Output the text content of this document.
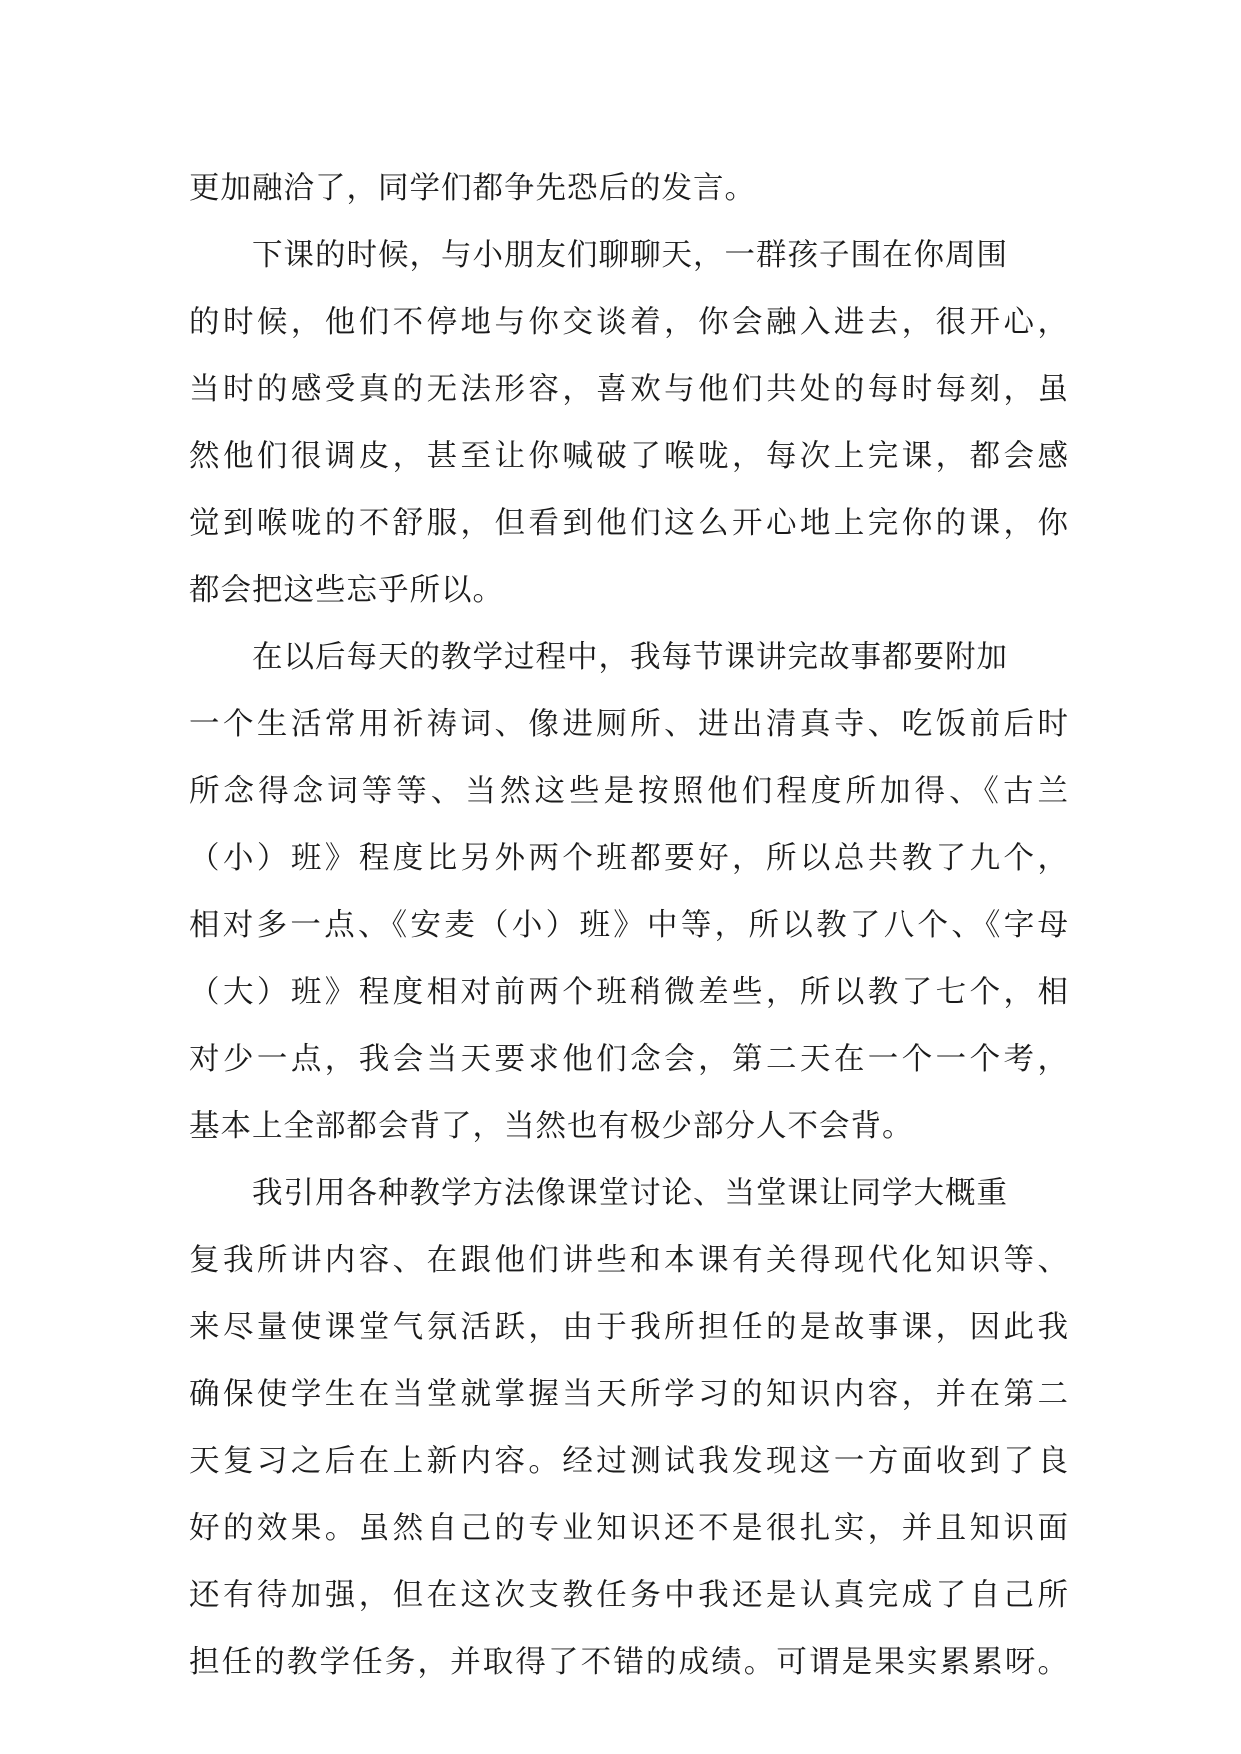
更加融洽了，同学们都争先恐后的发言。
下课的时候，与小朋友们聊聊天，一群孩子围在你周围
的时候，他们不停地与你交谈着，你会融入进去，很开心，
当时的感受真的无法形容，喜欢与他们共处的每时每刻，虽
然他们很调皮，甚至让你喊破了喉咙，每次上完课，都会感
觉到喉咙的不舒服，但看到他们这么开心地上完你的课，你
都会把这些忘乎所以。
在以后每天的教学过程中，我每节课讲完故事都要附加
一个生活常用祈祷词、像进厕所、进出清真寺、吃饭前后时
所念得念词等等、当然这些是按照他们程度所加得、《古兰
（小）班》程度比另外两个班都要好，所以总共教了九个，
相对多一点、《安麦（小）班》中等，所以教了八个、《字母
（大）班》程度相对前两个班稍微差些，所以教了七个，相
对少一点，我会当天要求他们念会，第二天在一个一个考，
基本上全部都会背了，当然也有极少部分人不会背。
我引用各种教学方法像课堂讨论、当堂课让同学大概重
复我所讲内容、在跟他们讲些和本课有关得现代化知识等、
来尽量使课堂气氛活跃，由于我所担任的是故事课，因此我
确保使学生在当堂就掌握当天所学习的知识内容，并在第二
天复习之后在上新内容。经过测试我发现这一方面收到了良
好的效果。虽然自己的专业知识还不是很扎实，并且知识面
还有待加强，但在这次支教任务中我还是认真完成了自己所
担任的教学任务，并取得了不错的成绩。可谓是果实累累呀。
